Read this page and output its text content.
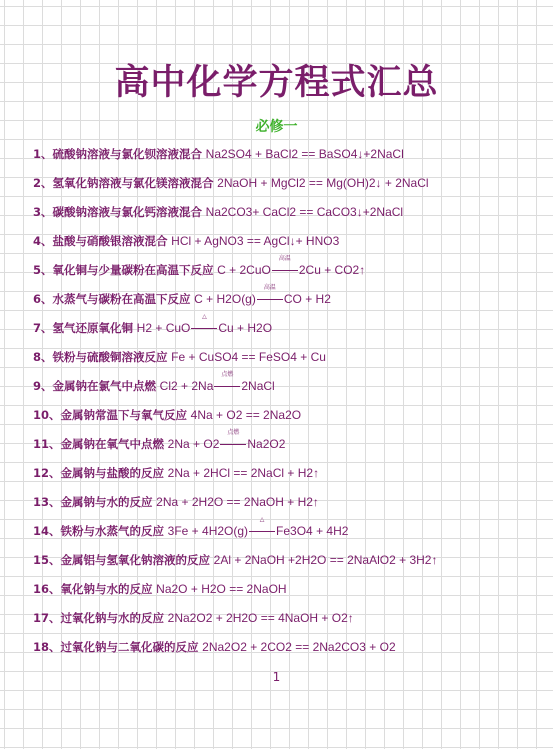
高中化学方程式汇总
必修一
1、硫酸钠溶液与氯化钡溶液混合 Na2SO4 + BaCl2 == BaSO4↓+2NaCl
2、氢氧化钠溶液与氯化镁溶液混合 2NaOH + MgCl2 == Mg(OH)2↓ + 2NaCl
3、碳酸钠溶液与氯化钙溶液混合 Na2CO3+ CaCl2 == CaCO3↓+2NaCl
4、盐酸与硝酸银溶液混合 HCl + AgNO3 == AgCl↓+ HNO3
5、氧化铜与少量碳粉在高温下反应 C + 2CuO
高温
2Cu + CO2↑
6、水蒸气与碳粉在高温下反应 C + H2O(g)
高温
CO + H2
7、氢气还原氧化铜 H2 + CuO
△
Cu + H2O
8、铁粉与硫酸铜溶液反应 Fe + CuSO4 == FeSO4 + Cu
9、金属钠在氯气中点燃 Cl2 + 2Na
点燃
2NaCl
10、金属钠常温下与氧气反应 4Na + O2 == 2Na2O
11、金属钠在氧气中点燃 2Na + O2
点燃
Na2O2
12、金属钠与盐酸的反应 2Na + 2HCl == 2NaCl + H2↑
13、金属钠与水的反应 2Na + 2H2O == 2NaOH + H2↑
14、铁粉与水蒸气的反应 3Fe + 4H2O(g)
△
Fe3O4 + 4H2
15、金属铝与氢氧化钠溶液的反应 2Al + 2NaOH +2H2O == 2NaAlO2 + 3H2↑
16、氧化钠与水的反应 Na2O + H2O == 2NaOH
17、过氧化钠与水的反应 2Na2O2 + 2H2O == 4NaOH + O2↑
18、过氧化钠与二氧化碳的反应 2Na2O2 + 2CO2 == 2Na2CO3 + O2
1
